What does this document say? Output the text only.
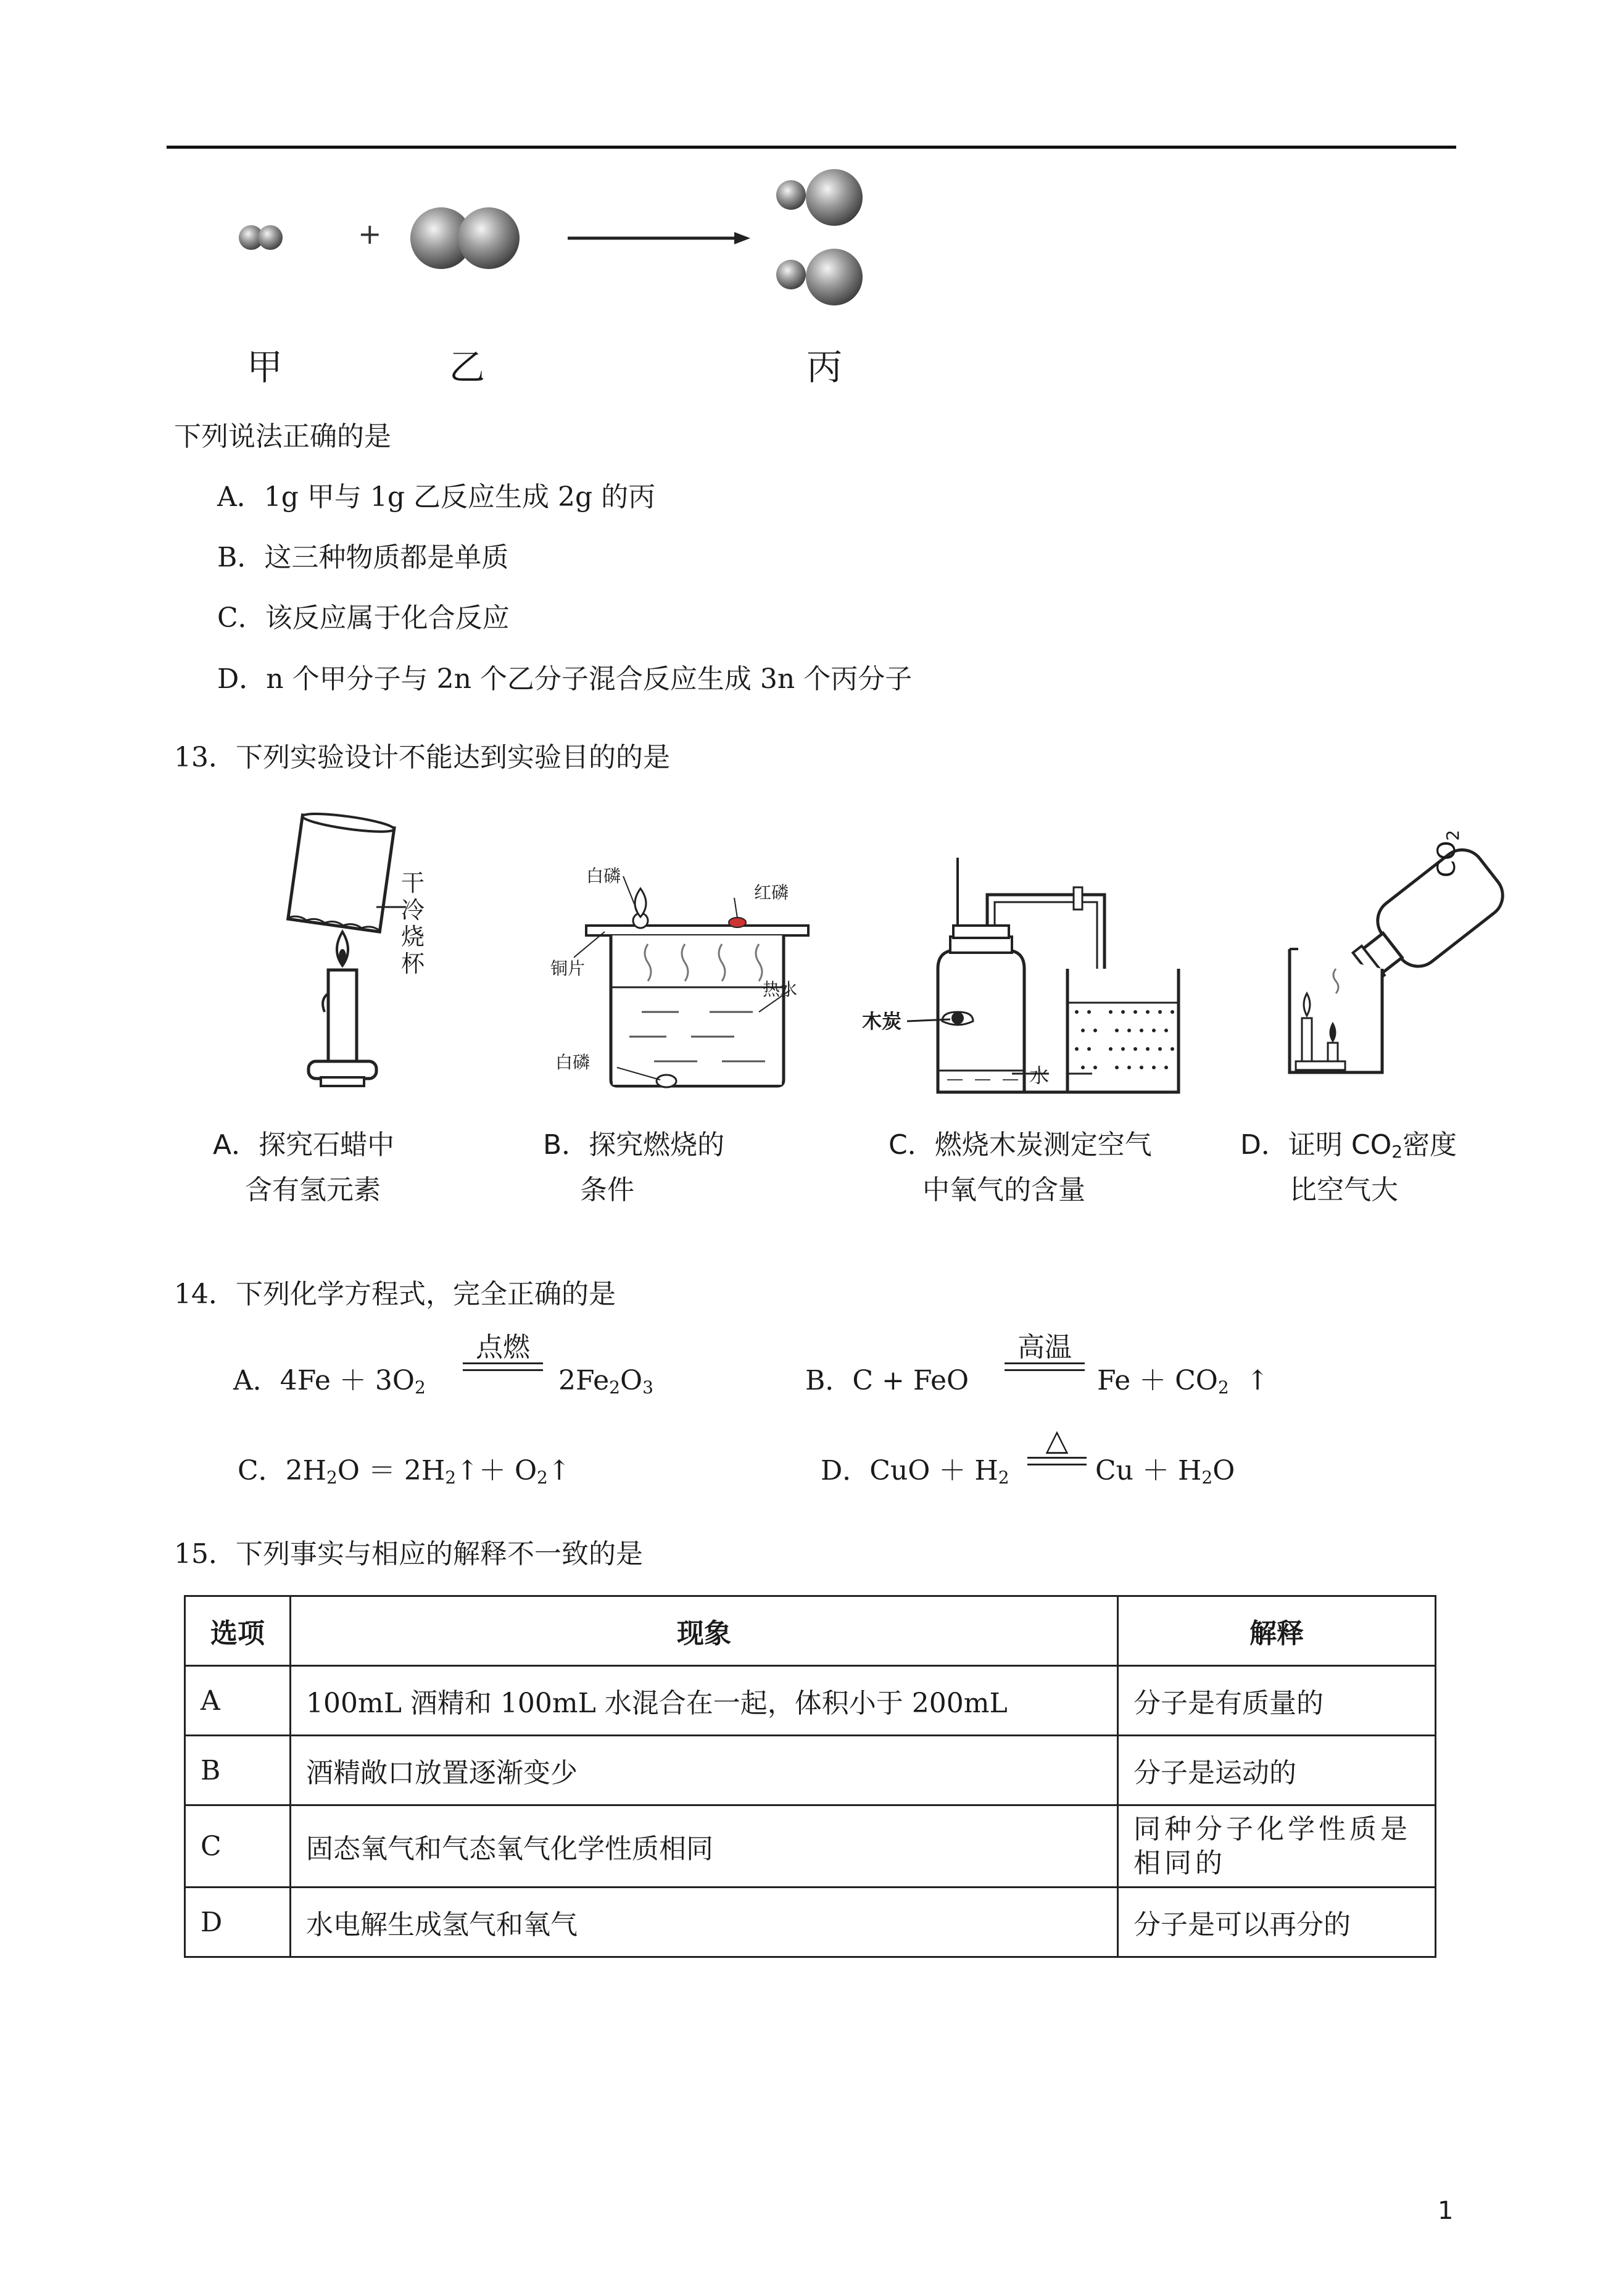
+
甲	乙	丙
下列说法正确的是
A．1g 甲与 1g 乙反应生成 2g 的丙
B．这三种物质都是单质
C．该反应属于化合反应
D．n 个甲分子与 2n 个乙分子混合反应生成 3n 个丙分子
13．下列实验设计不能达到实验目的的是
干冷烧杯
白磷
红磷
铜片
热水
白磷
木炭
水
$CO_2$
A．探究石蜡中
含有氢元素
B．探究燃烧的
条件
C．燃烧木炭测定空气
中氧气的含量
D．证明 $CO_2$密度
比空气大
14．下列化学方程式，完全正确的是
A．$4Fe + 3O_2$
点燃
$2Fe_2O_3$	B．C + FeO
高温
$Fe + CO_2$ ↑
C．$2H_2O$ ＝ $2H_2↑+$ $O_2↑$	D．CuO ＋ $H_2$
△
$Cu + H_2O$
15．下列事实与相应的解释不一致的是
选项	现象	解释
A	100mL 酒精和 100mL 水混合在一起，体积小于 200mL	分子是有质量的
B	酒精敞口放置逐渐变少	分子是运动的
C	固态氧气和气态氧气化学性质相同	同种分子化学性质是相同的
D	水电解生成氢气和氧气	分子是可以再分的
1
